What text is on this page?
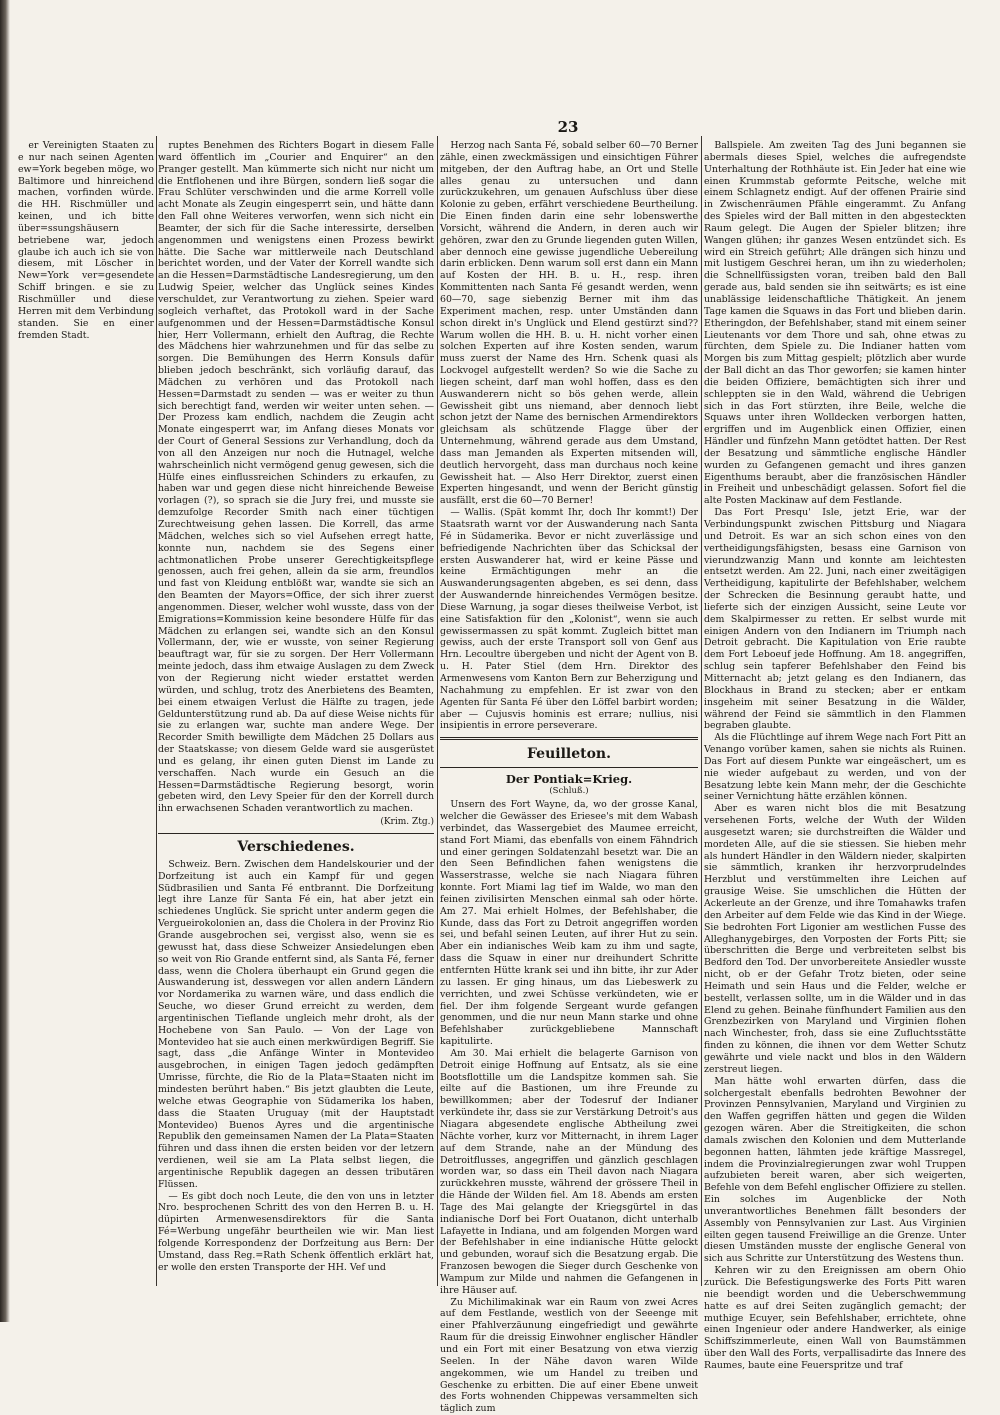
23

er Vereinigten Staaten zu e nur nach seinen Agenten ew=York begeben möge, wo Baltimore und hinreichend machen, vorfinden würde. die HH. Rischmüller und keinen, und ich bitte über=ssungshäusern betriebene war, jedoch glaube ich auch ich sie von diesem, mit Löscher in New=York ver=gesendete Schiff bringen. e sie zu Rischmüller und diese Herren mit dem Verbindung standen. Sie en einer fremden Stadt.

ruptes Benehmen des Richters Bogart in diesem Falle ward öffentlich im „Courier and Enquirer“ an den Pranger gestellt. Man kümmerte sich nicht nur nicht um die Entflohenen und ihre Bürgen, sondern ließ sogar die Frau Schlüter verschwinden und die arme Korrell volle acht Monate als Zeugin eingesperrt sein, und hätte dann den Fall ohne Weiteres verworfen, wenn sich nicht ein Beamter, der sich für die Sache interessirte, derselben angenommen und wenigstens einen Prozess bewirkt hätte. Die Sache war mittlerweile nach Deutschland berichtet worden, und der Vater der Korrell wandte sich an die Hessen=Darmstädtische Landesregierung, um den Ludwig Speier, welcher das Unglück seines Kindes verschuldet, zur Verantwortung zu ziehen. Speier ward sogleich verhaftet, das Protokoll ward in der Sache aufgenommen und der Hessen=Darmstädtische Konsul hier, Herr Vollermann, erhielt den Auftrag, die Rechte des Mädchens hier wahrzunehmen und für das selbe zu sorgen. Die Bemühungen des Herrn Konsuls dafür blieben jedoch beschränkt, sich vorläufig darauf, das Mädchen zu verhören und das Protokoll nach Hessen=Darmstadt zu senden — was er weiter zu thun sich berechtigt fand, werden wir weiter unten sehen. — Der Prozess kam endlich, nachdem die Zeugin acht Monate eingesperrt war, im Anfang dieses Monats vor der Court of General Sessions zur Verhandlung, doch da von all den Anzeigen nur noch die Hutnagel, welche wahrscheinlich nicht vermögend genug gewesen, sich die Hülfe eines einflussreichen Schinders zu erkaufen, zu haben war und gegen diese nicht hinreichende Beweise vorlagen (?), so sprach sie die Jury frei, und musste sie demzufolge Recorder Smith nach einer tüchtigen Zurechtweisung gehen lassen. Die Korrell, das arme Mädchen, welches sich so viel Aufsehen erregt hatte, konnte nun, nachdem sie des Segens einer achtmonatlichen Probe unserer Gerechtigkeitspflege genossen, auch frei gehen, allein da sie arm, freundlos und fast von Kleidung entblößt war, wandte sie sich an den Beamten der Mayors=Office, der sich ihrer zuerst angenommen. Dieser, welcher wohl wusste, dass von der Emigrations=Kommission keine besondere Hülfe für das Mädchen zu erlangen sei, wandte sich an den Konsul Vollermann, der, wie er wusste, von seiner Regierung beauftragt war, für sie zu sorgen. Der Herr Vollermann meinte jedoch, dass ihm etwaige Auslagen zu dem Zweck von der Regierung nicht wieder erstattet werden würden, und schlug, trotz des Anerbietens des Beamten, bei einem etwaigen Verlust die Hälfte zu tragen, jede Geldunterstützung rund ab. Da auf diese Weise nichts für sie zu erlangen war, suchte man andere Wege. Der Recorder Smith bewilligte dem Mädchen 25 Dollars aus der Staatskasse; von diesem Gelde ward sie ausgerüstet und es gelang, ihr einen guten Dienst im Lande zu verschaffen. Nach wurde ein Gesuch an die Hessen=Darmstädtische Regierung besorgt, worin gebeten wird, den Levy Speier für den der Korrell durch ihn erwachsenen Schaden verantwortlich zu machen.

(Krim. Ztg.)
Verschiedenes.

Schweiz. Bern. Zwischen dem Handelskourier und der Dorfzeitung ist auch ein Kampf für und gegen Südbrasilien und Santa Fé entbrannt. Die Dorfzeitung legt ihre Lanze für Santa Fé ein, hat aber jetzt ein schiedenes Unglück. Sie spricht unter anderm gegen die Vergueirokolonien an, dass die Cholera in der Provinz Rio Grande ausgebrochen sei, vergisst also, wenn sie es gewusst hat, dass diese Schweizer Ansiedelungen eben so weit von Rio Grande entfernt sind, als Santa Fé, ferner dass, wenn die Cholera überhaupt ein Grund gegen die Auswanderung ist, desswegen vor allen andern Ländern vor Nordamerika zu warnen wäre, und dass endlich die Seuche, wo dieser Grund erreicht zu werden, dem argentinischen Tieflande ungleich mehr droht, als der Hochebene von San Paulo. — Von der Lage von Montevideo hat sie auch einen merkwürdigen Begriff. Sie sagt, dass „die Anfänge Winter in Montevideo ausgebrochen, in einigen Tagen jedoch gedämpften Umrisse, fürchte, die Rio de la Plata=Staaten nicht im mindesten berührt haben.“ Bis jetzt glaubten die Leute, welche etwas Geographie von Südamerika los haben, dass die Staaten Uruguay (mit der Hauptstadt Montevideo) Buenos Ayres und die argentinische Republik den gemeinsamen Namen der La Plata=Staaten führen und dass ihnen die ersten beiden vor der letzern verdienen, weil sie am La Plata selbst liegen, die argentinische Republik dagegen an dessen tributären Flüssen.

— Es gibt doch noch Leute, die den von uns in letzter Nro. besprochenen Schritt des von den Herren B. u. H. düpirten Armenwesensdirektors für die Santa Fé=Werbung ungefähr beurtheilen wie wir. Man liest folgende Korrespondenz der Dorfzeitung aus Bern: Der Umstand, dass Reg.=Rath Schenk öffentlich erklärt hat, er wolle den ersten Transporte der HH. Vef und

Herzog nach Santa Fé, sobald selber 60—70 Berner zähle, einen zweckmässigen und einsichtigen Führer mitgeben, der den Auftrag habe, an Ort und Stelle alles genau zu untersuchen und dann zurückzukehren, um genauen Aufschluss über diese Kolonie zu geben, erfährt verschiedene Beurtheilung. Die Einen finden darin eine sehr lobenswerthe Vorsicht, während die Andern, in deren auch wir gehören, zwar den zu Grunde liegenden guten Willen, aber dennoch eine gewisse jugendliche Uebereilung darin erblicken. Denn warum soll erst dann ein Mann auf Kosten der HH. B. u. H., resp. ihren Kommittenten nach Santa Fé gesandt werden, wenn 60—70, sage siebenzig Berner mit ihm das Experiment machen, resp. unter Umständen dann schon direkt in's Unglück und Elend gestürzt sind?? Warum wollen die HH. B. u. H. nicht vorher einen solchen Experten auf ihre Kosten senden, warum muss zuerst der Name des Hrn. Schenk quasi als Lockvogel aufgestellt werden? So wie die Sache zu liegen scheint, darf man wohl hoffen, dass es den Auswanderern nicht so bös gehen werde, allein Gewissheit gibt uns niemand, aber dennoch liebt schon jetzt der Name des bernischen Armendirektors gleichsam als schützende Flagge über der Unternehmung, während gerade aus dem Umstand, dass man Jemanden als Experten mitsenden will, deutlich hervorgeht, dass man durchaus noch keine Gewissheit hat. — Also Herr Direktor, zuerst einen Experten hingesandt, und wenn der Bericht günstig ausfällt, erst die 60—70 Berner!

— Wallis. (Spät kommt Ihr, doch Ihr kommt!) Der Staatsrath warnt vor der Auswanderung nach Santa Fé in Südamerika. Bevor er nicht zuverlässige und befriedigende Nachrichten über das Schicksal der ersten Auswanderer hat, wird er keine Pässe und keine Ermächtigungen mehr an die Auswanderungsagenten abgeben, es sei denn, dass der Auswandernde hinreichendes Vermögen besitze. Diese Warnung, ja sogar dieses theilweise Verbot, ist eine Satisfaktion für den „Kolonist“, wenn sie auch gewissermassen zu spät kommt. Zugleich bittet man gewiss, auch der erste Transport soll von Genf aus Hrn. Lecoultre übergeben und nicht der Agent von B. u. H. Pater Stiel (dem Hrn. Direktor des Armenwesens vom Kanton Bern zur Beherzigung und Nachahmung zu empfehlen. Er ist zwar von den Agenten für Santa Fé über den Löffel barbirt worden; aber — Cujusvis hominis est errare; nullius, nisi insipientis in errore perseverare.

Feuilleton.
Der Pontiak=Krieg.
(Schluß.)

Unsern des Fort Wayne, da, wo der grosse Kanal, welcher die Gewässer des Eriesee's mit dem Wabash verbindet, das Wassergebiet des Maumee erreicht, stand Fort Miami, das ebenfalls von einem Fähndrich und einer geringen Soldatenzahl besetzt war. Die an den Seen Befindlichen fahen wenigstens die Wasserstrasse, welche sie nach Niagara führen konnte. Fort Miami lag tief im Walde, wo man den feinen zivilisirten Menschen einmal sah oder hörte. Am 27. Mai erhielt Holmes, der Befehlshaber, die Kunde, dass das Fort zu Detroit angegriffen worden sei, und befahl seinen Leuten, auf ihrer Hut zu sein. Aber ein indianisches Weib kam zu ihm und sagte, dass die Squaw in einer nur dreihundert Schritte entfernten Hütte krank sei und ihn bitte, ihr zur Ader zu lassen. Er ging hinaus, um das Liebeswerk zu verrichten, und zwei Schüsse verkündeten, wie er fiel. Der ihm folgende Sergeant wurde gefangen genommen, und die nur neun Mann starke und ohne Befehlshaber zurückgebliebene Mannschaft kapitulirte.

Am 30. Mai erhielt die belagerte Garnison von Detroit einige Hoffnung auf Entsatz, als sie eine Bootsflottille um die Landspitze kommen sah. Sie eilte auf die Bastionen, um ihre Freunde zu bewillkommen; aber der Todesruf der Indianer verkündete ihr, dass sie zur Verstärkung Detroit's aus Niagara abgesendete englische Abtheilung zwei Nächte vorher, kurz vor Mitternacht, in ihrem Lager auf dem Strande, nahe an der Mündung des Detroitflusses, angegriffen und gänzlich geschlagen worden war, so dass ein Theil davon nach Niagara zurückkehren musste, während der grössere Theil in die Hände der Wilden fiel. Am 18. Abends am ersten Tage des Mai gelangte der Kriegsgürtel in das indianische Dorf bei Fort Ouatanon, dicht unterhalb Lafayette in Indiana, und am folgenden Morgen ward der Befehlshaber in eine indianische Hütte gelockt und gebunden, worauf sich die Besatzung ergab. Die Franzosen bewogen die Sieger durch Geschenke von Wampum zur Milde und nahmen die Gefangenen in ihre Häuser auf.

Zu Michilimakinak war ein Raum von zwei Acres auf dem Festlande, westlich von der Seeenge mit einer Pfahlverzäunung eingefriedigt und gewährte Raum für die dreissig Einwohner englischer Händler und ein Fort mit einer Besatzung von etwa vierzig Seelen. In der Nähe davon waren Wilde angekommen, wie um Handel zu treiben und Geschenke zu erbitten. Die auf einer Ebene unweit des Forts wohnenden Chippewas versammelten sich täglich zum

Ballspiele. Am zweiten Tag des Juni begannen sie abermals dieses Spiel, welches die aufregendste Unterhaltung der Rothhäute ist. Ein Jeder hat eine wie einen Krummstab geformte Peitsche, welche mit einem Schlagnetz endigt. Auf der offenen Prairie sind in Zwischenräumen Pfähle eingerammt. Zu Anfang des Spieles wird der Ball mitten in den abgesteckten Raum gelegt. Die Augen der Spieler blitzen; ihre Wangen glühen; ihr ganzes Wesen entzündet sich. Es wird ein Streich geführt; Alle drängen sich hinzu und mit lustigem Geschrei heran, um ihn zu wiederholen; die Schnellfüssigsten voran, treiben bald den Ball gerade aus, bald senden sie ihn seitwärts; es ist eine unablässige leidenschaftliche Thätigkeit. An jenem Tage kamen die Squaws in das Fort und blieben darin. Etheringdon, der Befehlshaber, stand mit einem seiner Lieutenants vor dem Thore und sah, ohne etwas zu fürchten, dem Spiele zu. Die Indianer hatten vom Morgen bis zum Mittag gespielt; plötzlich aber wurde der Ball dicht an das Thor geworfen; sie kamen hinter die beiden Offiziere, bemächtigten sich ihrer und schleppten sie in den Wald, während die Uebrigen sich in das Fort stürzten, ihre Beile, welche die Squaws unter ihren Wolldecken verborgen hatten, ergriffen und im Augenblick einen Offizier, einen Händler und fünfzehn Mann getödtet hatten. Der Rest der Besatzung und sämmtliche englische Händler wurden zu Gefangenen gemacht und ihres ganzen Eigenthums beraubt, aber die französischen Händler in Freiheit und unbeschädigt gelassen. Sofort fiel die alte Posten Mackinaw auf dem Festlande.

Das Fort Presqu' Isle, jetzt Erie, war der Verbindungspunkt zwischen Pittsburg und Niagara und Detroit. Es war an sich schon eines von den vertheidigungsfähigsten, besass eine Garnison von vierundzwanzig Mann und konnte am leichtesten entsetzt werden. Am 22. Juni, nach einer zweitägigen Vertheidigung, kapitulirte der Befehlshaber, welchem der Schrecken die Besinnung geraubt hatte, und lieferte sich der einzigen Aussicht, seine Leute vor dem Skalpirmesser zu retten. Er selbst wurde mit einigen Andern von den Indianern im Triumph nach Detroit gebracht. Die Kapitulation von Erie raubte dem Fort Leboeuf jede Hoffnung. Am 18. angegriffen, schlug sein tapferer Befehlshaber den Feind bis Mitternacht ab; jetzt gelang es den Indianern, das Blockhaus in Brand zu stecken; aber er entkam insgeheim mit seiner Besatzung in die Wälder, während der Feind sie sämmtlich in den Flammen begraben glaubte.

Als die Flüchtlinge auf ihrem Wege nach Fort Pitt an Venango vorüber kamen, sahen sie nichts als Ruinen. Das Fort auf diesem Punkte war eingeäschert, um es nie wieder aufgebaut zu werden, und von der Besatzung lebte kein Mann mehr, der die Geschichte seiner Vernichtung hätte erzählen können.

Aber es waren nicht blos die mit Besatzung versehenen Forts, welche der Wuth der Wilden ausgesetzt waren; sie durchstreiften die Wälder und mordeten Alle, auf die sie stiessen. Sie hieben mehr als hundert Händler in den Wäldern nieder, skalpirten sie sämmtlich, kranken ihr herzvorprudelndes Herzblut und verstümmelten ihre Leichen auf grausige Weise. Sie umschlichen die Hütten der Ackerleute an der Grenze, und ihre Tomahawks trafen den Arbeiter auf dem Felde wie das Kind in der Wiege. Sie bedrohten Fort Ligonier am westlichen Fusse des Alleghanygebirges, den Vorposten der Forts Pitt; sie überschritten die Berge und verbreiteten selbst bis Bedford den Tod. Der unvorbereitete Ansiedler wusste nicht, ob er der Gefahr Trotz bieten, oder seine Heimath und sein Haus und die Felder, welche er bestellt, verlassen sollte, um in die Wälder und in das Elend zu gehen. Beinahe fünfhundert Familien aus den Grenzbezirken von Maryland und Virginien flohen nach Winchester, froh, dass sie eine Zufluchtsstätte finden zu können, die ihnen vor dem Wetter Schutz gewährte und viele nackt und blos in den Wäldern zerstreut liegen.

Man hätte wohl erwarten dürfen, dass die solchergestalt ebenfalls bedrohten Bewohner der Provinzen Pennsylvanien, Maryland und Virginien zu den Waffen gegriffen hätten und gegen die Wilden gezogen wären. Aber die Streitigkeiten, die schon damals zwischen den Kolonien und dem Mutterlande begonnen hatten, lähmten jede kräftige Massregel, indem die Provinzialregierungen zwar wohl Truppen aufzubieten bereit waren, aber sich weigerten, Befehle von dem Befehl englischer Offiziere zu stellen. Ein solches im Augenblicke der Noth unverantwortliches Benehmen fällt besonders der Assembly von Pennsylvanien zur Last. Aus Virginien eilten gegen tausend Freiwillige an die Grenze. Unter diesen Umständen musste der englische General von sich aus Schritte zur Unterstützung des Westens thun.

Kehren wir zu den Ereignissen am obern Ohio zurück. Die Befestigungswerke des Forts Pitt waren nie beendigt worden und die Ueberschwemmung hatte es auf drei Seiten zugänglich gemacht; der muthige Ecuyer, sein Befehlshaber, errichtete, ohne einen Ingenieur oder andere Handwerker, als einige Schiffszimmerleute, einen Wall von Baumstämmen über den Wall des Forts, verpallisadirte das Innere des Raumes, baute eine Feuerspritze und traf
